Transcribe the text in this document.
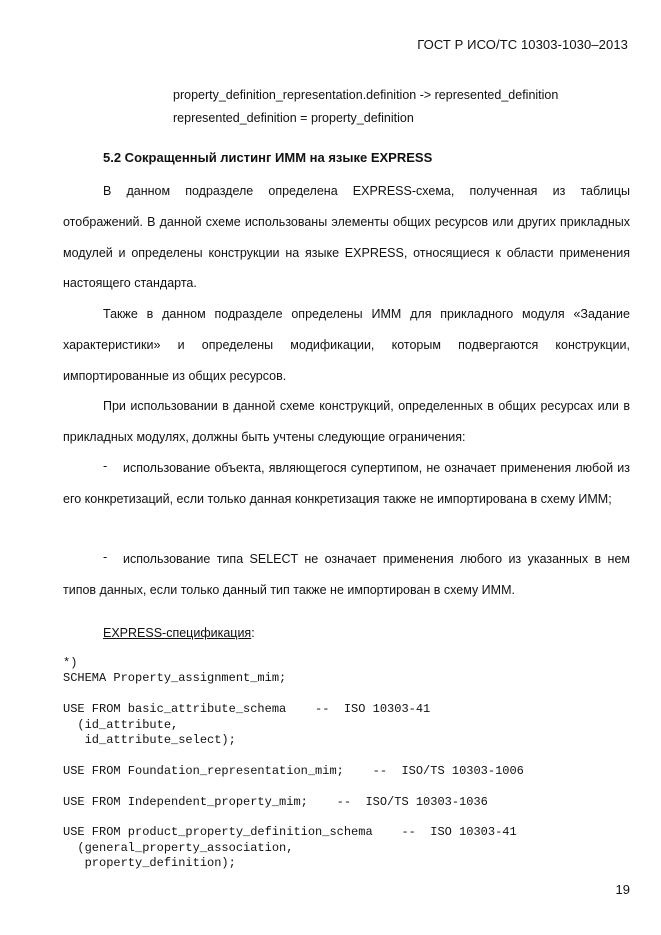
ГОСТ Р ИСО/ТС 10303-1030–2013
property_definition_representation.definition -> represented_definition
represented_definition = property_definition
5.2 Сокращенный листинг ИММ на языке EXPRESS
В данном подразделе определена EXPRESS-схема, полученная из таблицы отображений. В данной схеме использованы элементы общих ресурсов или других прикладных модулей и определены конструкции на языке EXPRESS, относящиеся к области применения настоящего стандарта.
Также в данном подразделе определены ИММ для прикладного модуля «Задание характеристики» и определены модификации, которым подвергаются конструкции, импортированные из общих ресурсов.
При использовании в данной схеме конструкций, определенных в общих ресурсах или в прикладных модулях, должны быть учтены следующие ограничения:
-	использование объекта, являющегося супертипом, не означает применения любой из его конкретизаций, если только данная конкретизация также не импортирована в схему ИММ;
-	использование типа SELECT не означает применения любого из указанных в нем типов данных, если только данный тип также не импортирован в схему ИММ.
EXPRESS-спецификация:
*)
SCHEMA Property_assignment_mim;

USE FROM basic_attribute_schema    --  ISO 10303-41
(id_attribute,
id_attribute_select);

USE FROM Foundation_representation_mim;    --  ISO/TS 10303-1006

USE FROM Independent_property_mim;    --  ISO/TS 10303-1036

USE FROM product_property_definition_schema    --  ISO 10303-41
(general_property_association,
property_definition);
19
